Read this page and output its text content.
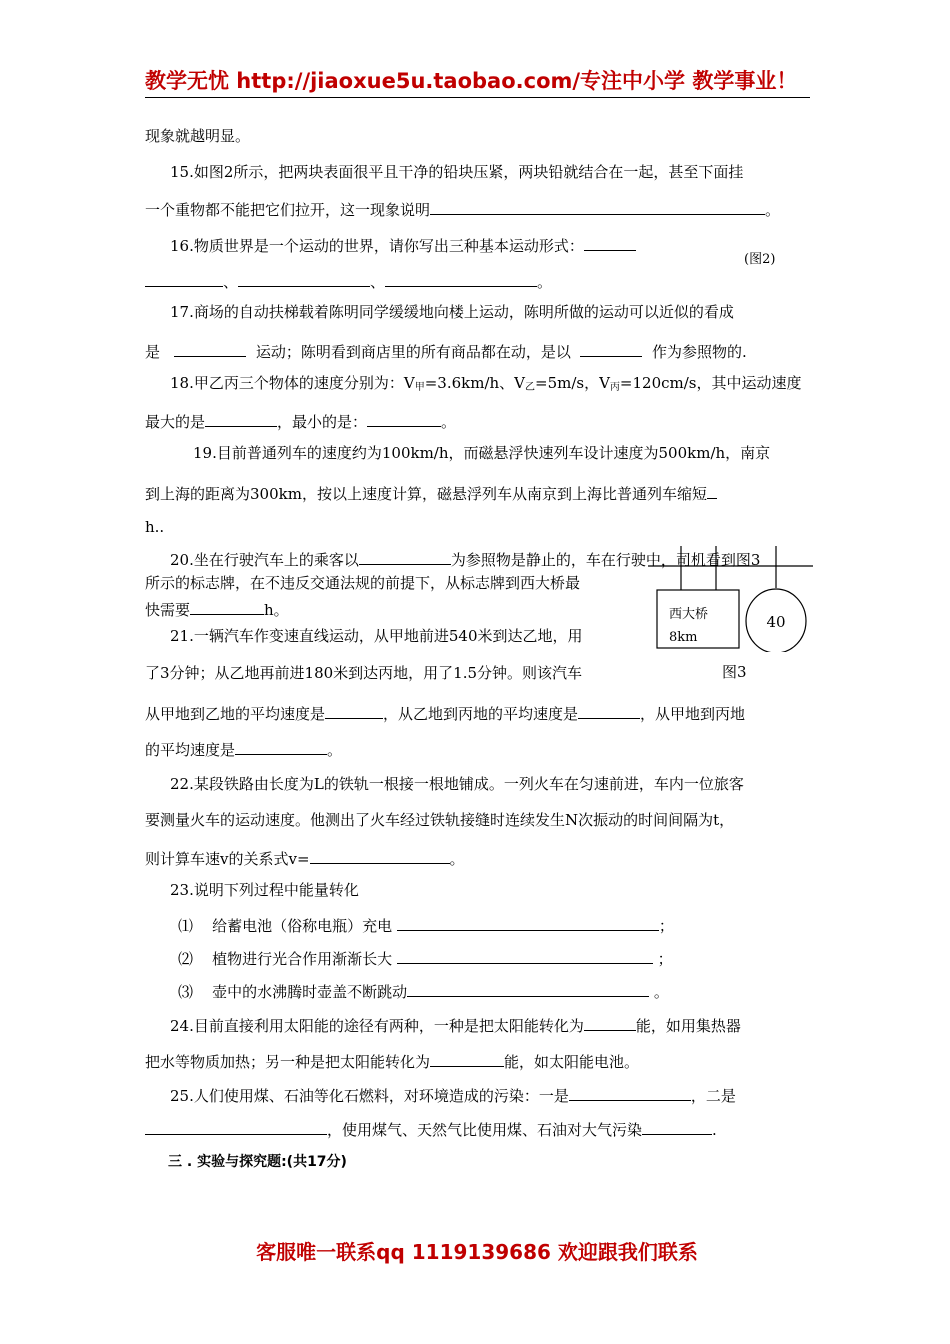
教学无忧 http://jiaoxue5u.taobao.com/专注中小学 教学事业！
现象就越明显。
15.如图2所示，把两块表面很平且干净的铅块压紧，两块铅就结合在一起，甚至下面挂
一个重物都不能把它们拉开，这一现象说明	。
16.物质世界是一个运动的世界，请你写出三种基本运动形式：
(图2)
、	、	。
17.商场的自动扶梯载着陈明同学缓缓地向楼上运动，陈明所做的运动可以近似的看成
是	运动；陈明看到商店里的所有商品都在动，是以	作为参照物的.
18.甲乙丙三个物体的速度分别为：$V_甲=3.6km/h$、$V_乙=5m/s$，$V_丙=120cm/s$，其中运动速度
最大的是	，最小的是：	。
19.目前普通列车的速度约为100km/h，而磁悬浮快速列车设计速度为500km/h，南京
到上海的距离为300km，按以上速度计算，磁悬浮列车从南京到上海比普通列车缩短
h..
20.坐在行驶汽车上的乘客以	为参照物是静止的，车在行驶中，司机看到图3
所示的标志牌，在不违反交通法规的前提下，从标志牌到西大桥最
快需要	h。	西大桥
8km
40
21.一辆汽车作变速直线运动，从甲地前进540米到达乙地，用
了3分钟；从乙地再前进180米到达丙地，用了1.5分钟。则该汽车	图3
从甲地到乙地的平均速度是	，从乙地到丙地的平均速度是	，从甲地到丙地
的平均速度是	。
22.某段铁路由长度为L的铁轨一根接一根地铺成。一列火车在匀速前进，车内一位旅客
要测量火车的运动速度。他测出了火车经过铁轨接缝时连续发生N次振动的时间间隔为t，
则计算车速v的关系式v=	。
23.说明下列过程中能量转化
⑴ 给蓄电池（俗称电瓶）充电	；
⑵ 植物进行光合作用渐渐长大	；
⑶ 壶中的水沸腾时壶盖不断跳动	。
24.目前直接利用太阳能的途径有两种，一种是把太阳能转化为	能，如用集热器
把水等物质加热；另一种是把太阳能转化为	能，如太阳能电池。
25.人们使用煤、石油等化石燃料，对环境造成的污染：一是	，二是
，使用煤气、天然气比使用煤、石油对大气污染	.
三 . 实验与探究题:(共17分)
客服唯一联系qq 1119139686 欢迎跟我们联系
